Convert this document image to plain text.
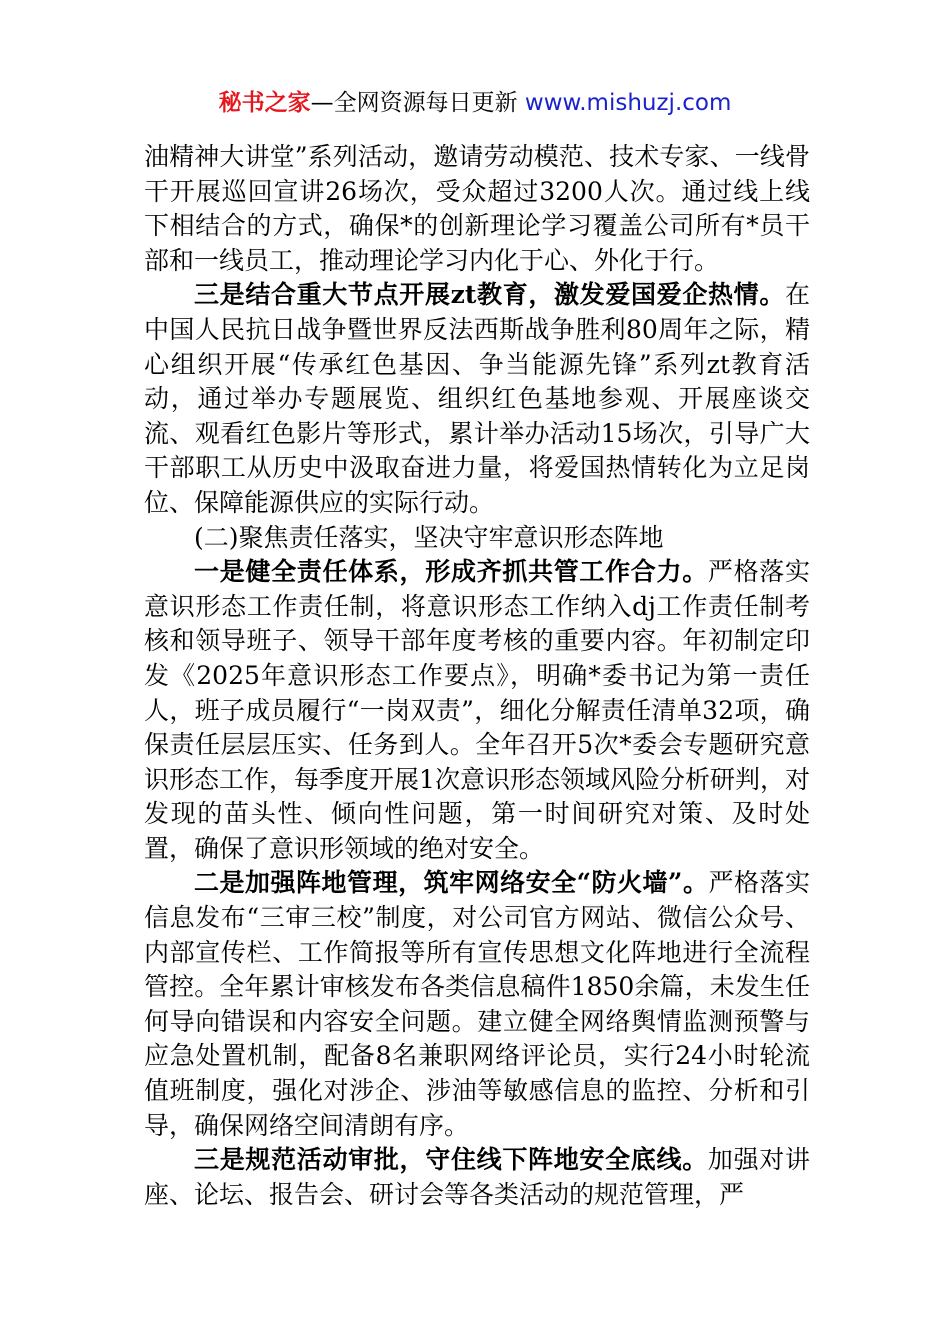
秘书之家—全网资源每日更新 www.mishuzj.com

油精神大讲堂”系列活动，邀请劳动模范、技术专家、一线骨干开展巡回宣讲26场次，受众超过3200人次。通过线上线下相结合的方式，确保*的创新理论学习覆盖公司所有*员干部和一线员工，推动理论学习内化于心、外化于行。

三是结合重大节点开展zt教育，激发爱国爱企热情。在中国人民抗日战争暨世界反法西斯战争胜利80周年之际，精心组织开展“传承红色基因、争当能源先锋”系列zt教育活动，通过举办专题展览、组织红色基地参观、开展座谈交流、观看红色影片等形式，累计举办活动15场次，引导广大干部职工从历史中汲取奋进力量，将爱国热情转化为立足岗位、保障能源供应的实际行动。

(二)聚焦责任落实，坚决守牢意识形态阵地

一是健全责任体系，形成齐抓共管工作合力。严格落实意识形态工作责任制，将意识形态工作纳入dj工作责任制考核和领导班子、领导干部年度考核的重要内容。年初制定印发《2025年意识形态工作要点》，明确*委书记为第一责任人，班子成员履行“一岗双责”，细化分解责任清单32项，确保责任层层压实、任务到人。全年召开5次*委会专题研究意识形态工作，每季度开展1次意识形态领域风险分析研判，对发现的苗头性、倾向性问题，第一时间研究对策、及时处置，确保了意识形领域的绝对安全。

二是加强阵地管理，筑牢网络安全“防火墙”。严格落实信息发布“三审三校”制度，对公司官方网站、微信公众号、内部宣传栏、工作简报等所有宣传思想文化阵地进行全流程管控。全年累计审核发布各类信息稿件1850余篇，未发生任何导向错误和内容安全问题。建立健全网络舆情监测预警与应急处置机制，配备8名兼职网络评论员，实行24小时轮流值班制度，强化对涉企、涉油等敏感信息的监控、分析和引导，确保网络空间清朗有序。

三是规范活动审批，守住线下阵地安全底线。加强对讲座、论坛、报告会、研讨会等各类活动的规范管理，严
